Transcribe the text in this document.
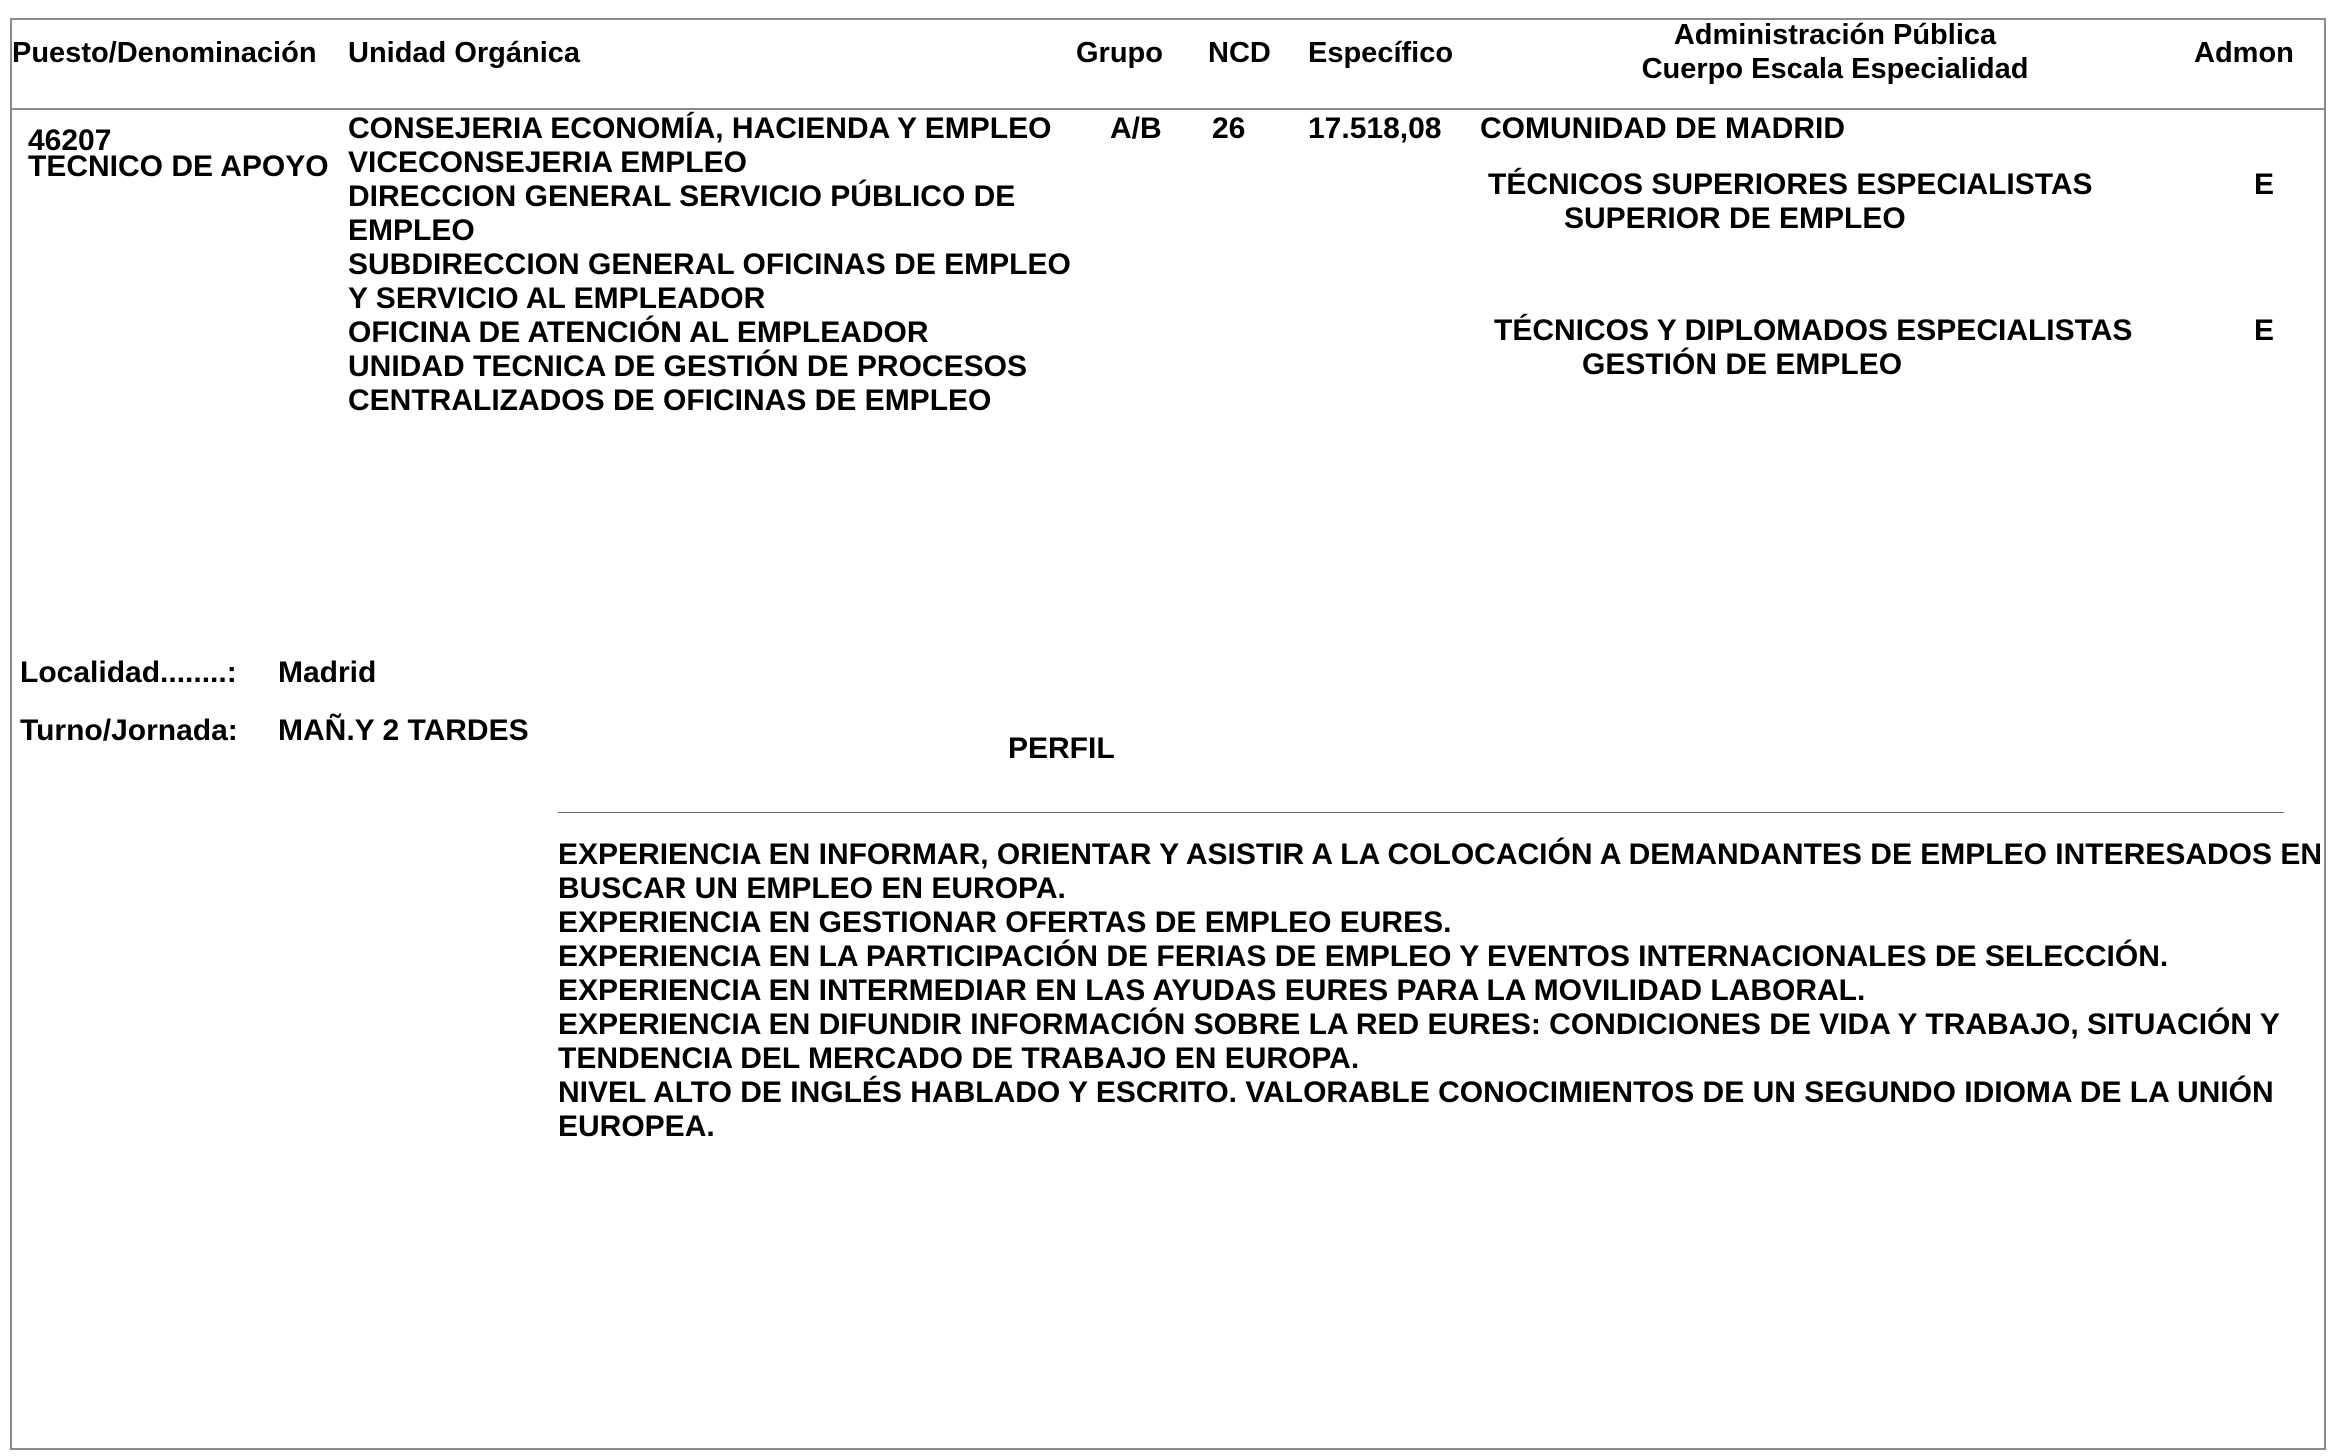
Puesto/Denominación Unidad Orgánica	Grupo NCD Específico
Administración Pública
Cuerpo Escala Especialidad	Admon
46207
TECNICO DE APOYO
CONSEJERIA ECONOMÍA, HACIENDA Y EMPLEO
VICECONSEJERIA EMPLEO
DIRECCION GENERAL SERVICIO PÚBLICO DE
EMPLEO
SUBDIRECCION GENERAL OFICINAS DE EMPLEO
Y SERVICIO AL EMPLEADOR
OFICINA DE ATENCIÓN AL EMPLEADOR
UNIDAD TECNICA DE GESTIÓN DE PROCESOS
CENTRALIZADOS DE OFICINAS DE EMPLEO
A/B 26 17.518,08 COMUNIDAD DE MADRID
TÉCNICOS SUPERIORES ESPECIALISTAS
SUPERIOR DE EMPLEO
E
TÉCNICOS Y DIPLOMADOS ESPECIALISTAS
GESTIÓN DE EMPLEO
E
Localidad........: Madrid
Turno/Jornada: MAÑ.Y 2 TARDES
PERFIL
EXPERIENCIA EN INFORMAR, ORIENTAR Y ASISTIR A LA COLOCACIÓN A DEMANDANTES DE EMPLEO INTERESADOS EN
BUSCAR UN EMPLEO EN EUROPA.
EXPERIENCIA EN GESTIONAR OFERTAS DE EMPLEO EURES.
EXPERIENCIA EN LA PARTICIPACIÓN DE FERIAS DE EMPLEO Y EVENTOS INTERNACIONALES DE SELECCIÓN.
EXPERIENCIA EN INTERMEDIAR EN LAS AYUDAS EURES PARA LA MOVILIDAD LABORAL.
EXPERIENCIA EN DIFUNDIR INFORMACIÓN SOBRE LA RED EURES: CONDICIONES DE VIDA Y TRABAJO, SITUACIÓN Y
TENDENCIA DEL MERCADO DE TRABAJO EN EUROPA.
NIVEL ALTO DE INGLÉS HABLADO Y ESCRITO. VALORABLE CONOCIMIENTOS DE UN SEGUNDO IDIOMA DE LA UNIÓN
EUROPEA.
